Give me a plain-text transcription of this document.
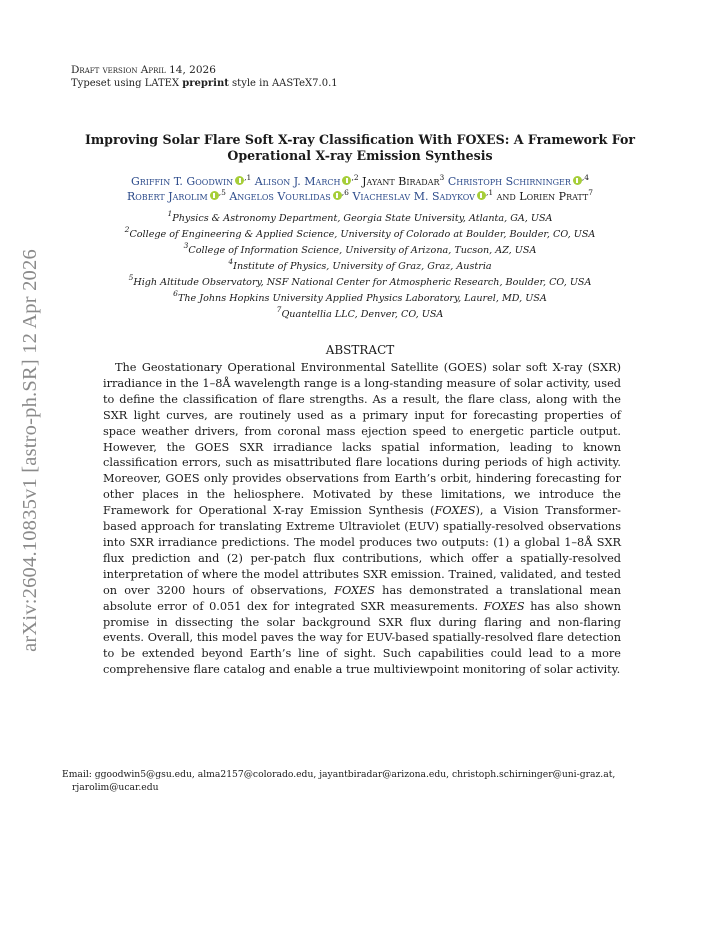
arXiv:2604.10835v1 [astro-ph.SR] 12 Apr 2026
Draft version April 14, 2026
Typeset using LATEX preprint style in AASTeX7.0.1
Improving Solar Flare Soft X-ray Classification With FOXES: A Framework For
Operational X-ray Emission Synthesis
Griffin T. Goodwin $^{,1}$ Alison J. March $^{,2}$ Jayant Biradar$^3$ Christoph Schirninger $^{,4}$
Robert Jarolim $^{,5}$ Angelos Vourlidas $^{,6}$ Viacheslav M. Sadykov $^{,1}$ and Lorien Pratt$^7$
$^1$Physics & Astronomy Department, Georgia State University, Atlanta, GA, USA
$^2$College of Engineering & Applied Science, University of Colorado at Boulder, Boulder, CO, USA
$^3$College of Information Science, University of Arizona, Tucson, AZ, USA
$^4$Institute of Physics, University of Graz, Graz, Austria
$^5$High Altitude Observatory, NSF National Center for Atmospheric Research, Boulder, CO, USA
$^6$The Johns Hopkins University Applied Physics Laboratory, Laurel, MD, USA
$^7$Quantellia LLC, Denver, CO, USA
ABSTRACT
The Geostationary Operational Environmental Satellite (GOES) solar soft X-ray (SXR) irradiance in the 1–8Å wavelength range is a long-standing measure of solar activity, used to define the classification of flare strengths. As a result, the flare class, along with the SXR light curves, are routinely used as a primary input for forecasting properties of space weather drivers, from coronal mass ejection speed to energetic particle output. However, the GOES SXR irradiance lacks spatial information, leading to known classification errors, such as misattributed flare locations during periods of high activity. Moreover, GOES only provides observations from Earth’s orbit, hindering forecasting for other places in the heliosphere. Motivated by these limitations, we introduce the Framework for Operational X-ray Emission Synthesis (FOXES), a Vision Transformer-based approach for translating Extreme Ultraviolet (EUV) spatially-resolved observations into SXR irradiance predictions. The model produces two outputs: (1) a global 1–8Å SXR flux prediction and (2) per-patch flux contributions, which offer a spatially-resolved interpretation of where the model attributes SXR emission. Trained, validated, and tested on over 3200 hours of observations, FOXES has demonstrated a translational mean absolute error of 0.051 dex for integrated SXR measurements. FOXES has also shown promise in dissecting the solar background SXR flux during flaring and non-flaring events. Overall, this model paves the way for EUV-based spatially-resolved flare detection to be extended beyond Earth’s line of sight. Such capabilities could lead to a more comprehensive flare catalog and enable a true multiviewpoint monitoring of solar activity.
Email: ggoodwin5@gsu.edu, alma2157@colorado.edu, jayantbiradar@arizona.edu, christoph.schirninger@uni-graz.at,
rjarolim@ucar.edu
